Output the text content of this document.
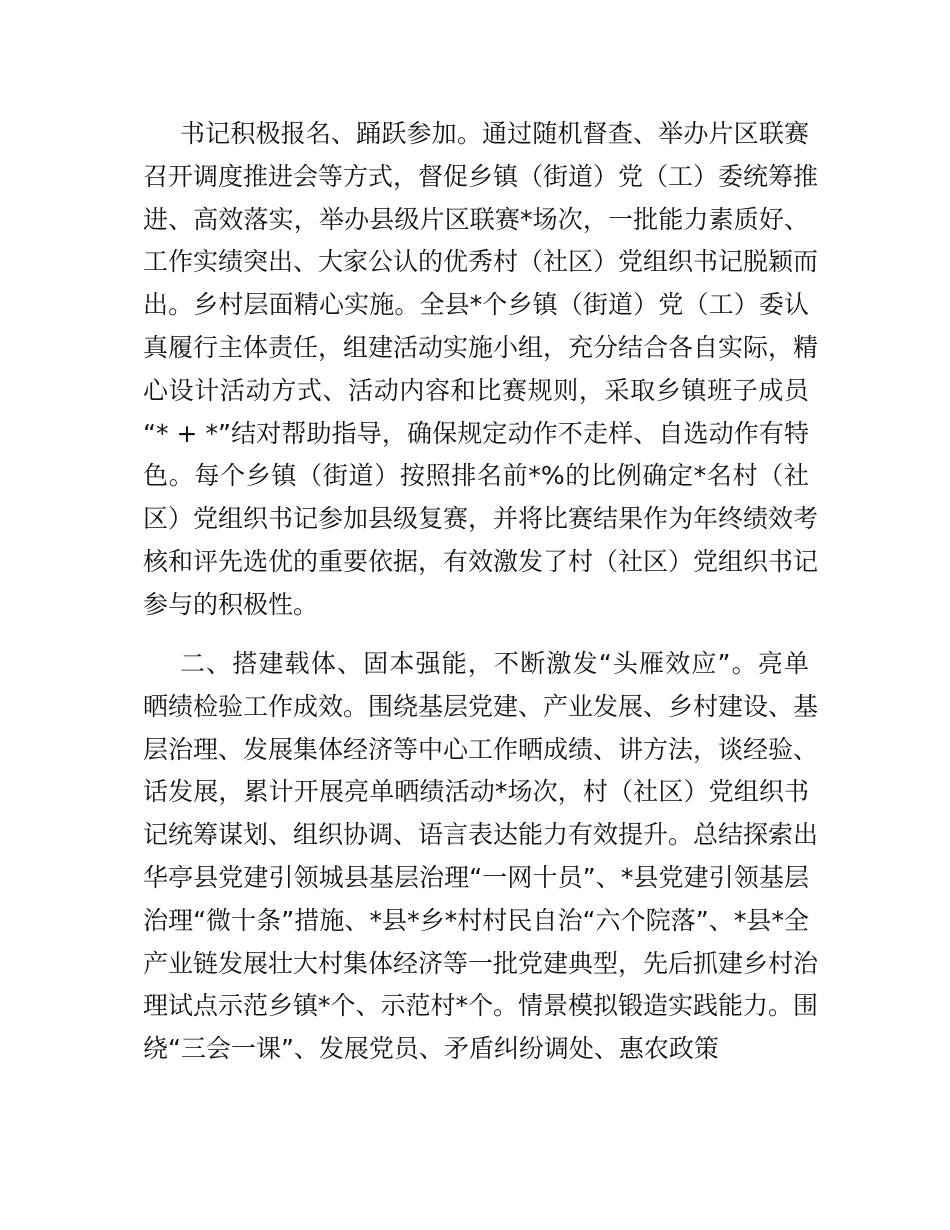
书记积极报名、踊跃参加。通过随机督查、举办片区联赛
召开调度推进会等方式，督促乡镇（街道）党（工）委统筹推
进、高效落实，举办县级片区联赛*场次，一批能力素质好、
工作实绩突出、大家公认的优秀村（社区）党组织书记脱颖而
出。乡村层面精心实施。全县*个乡镇（街道）党（工）委认
真履行主体责任，组建活动实施小组，充分结合各自实际，精
心设计活动方式、活动内容和比赛规则，采取乡镇班子成员
“* + *”结对帮助指导，确保规定动作不走样、自选动作有特
色。每个乡镇（街道）按照排名前*%的比例确定*名村（社
区）党组织书记参加县级复赛，并将比赛结果作为年终绩效考
核和评先选优的重要依据，有效激发了村（社区）党组织书记
参与的积极性。
二、搭建载体、固本强能，不断激发“头雁效应”。亮单
晒绩检验工作成效。围绕基层党建、产业发展、乡村建设、基
层治理、发展集体经济等中心工作晒成绩、讲方法，谈经验、
话发展，累计开展亮单晒绩活动*场次，村（社区）党组织书
记统筹谋划、组织协调、语言表达能力有效提升。总结探索出
华亭县党建引领城县基层治理“一网十员”、*县党建引领基层
治理“微十条”措施、*县*乡*村村民自治“六个院落”、*县*全
产业链发展壮大村集体经济等一批党建典型，先后抓建乡村治
理试点示范乡镇*个、示范村*个。情景模拟锻造实践能力。围
绕“三会一课”、发展党员、矛盾纠纷调处、惠农政策
